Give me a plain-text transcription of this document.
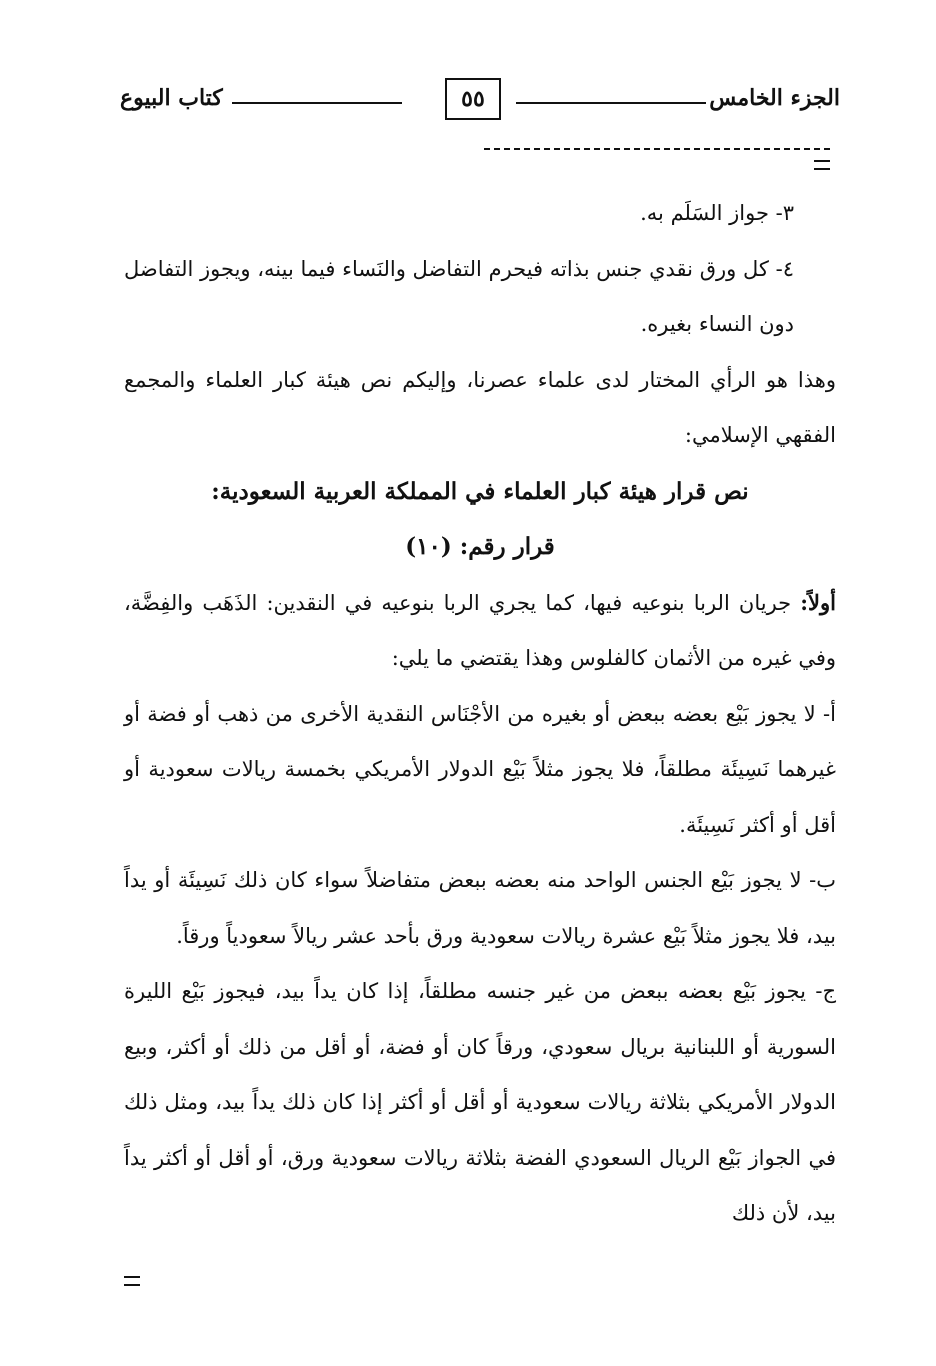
الجزء الخامس
٥٥
كتاب البيوع

٣- جواز السَلَم به.

٤- كل ورق نقدي جنس بذاته فيحرم التفاضل والنَساء فيما بينه، ويجوز التفاضل دون النساء بغيره.

وهذا هو الرأي المختار لدى علماء عصرنا، وإليكم نص هيئة كبار العلماء والمجمع الفقهي الإسلامي:

نص قرار هيئة كبار العلماء في المملكة العربية السعودية:

قرار رقم: (١٠)

أولاً: جريان الربا بنوعيه فيها، كما يجري الربا بنوعيه في النقدين: الذَهَب والفِضَّة، وفي غيره من الأثمان كالفلوس وهذا يقتضي ما يلي:

أ- لا يجوز بَيْع بعضه ببعض أو بغيره من الأجْنَاس النقدية الأخرى من ذهب أو فضة أو غيرهما نَسِيئَة مطلقاً، فلا يجوز مثلاً بَيْع الدولار الأمريكي بخمسة ريالات سعودية أو أقل أو أكثر نَسِيئَة.

ب- لا يجوز بَيْع الجنس الواحد منه بعضه ببعض متفاضلاً سواء كان ذلك نَسِيئَة أو يداً بيد، فلا يجوز مثلاً بَيْع عشرة ريالات سعودية ورق بأحد عشر ريالاً سعودياً ورقاً.

ج- يجوز بَيْع بعضه ببعض من غير جنسه مطلقاً، إذا كان يداً بيد، فيجوز بَيْع الليرة السورية أو اللبنانية بريال سعودي، ورقاً كان أو فضة، أو أقل من ذلك أو أكثر، وبيع الدولار الأمريكي بثلاثة ريالات سعودية أو أقل أو أكثر إذا كان ذلك يداً بيد، ومثل ذلك في الجواز بَيْع الريال السعودي الفضة بثلاثة ريالات سعودية ورق، أو أقل أو أكثر يداً بيد، لأن ذلك
